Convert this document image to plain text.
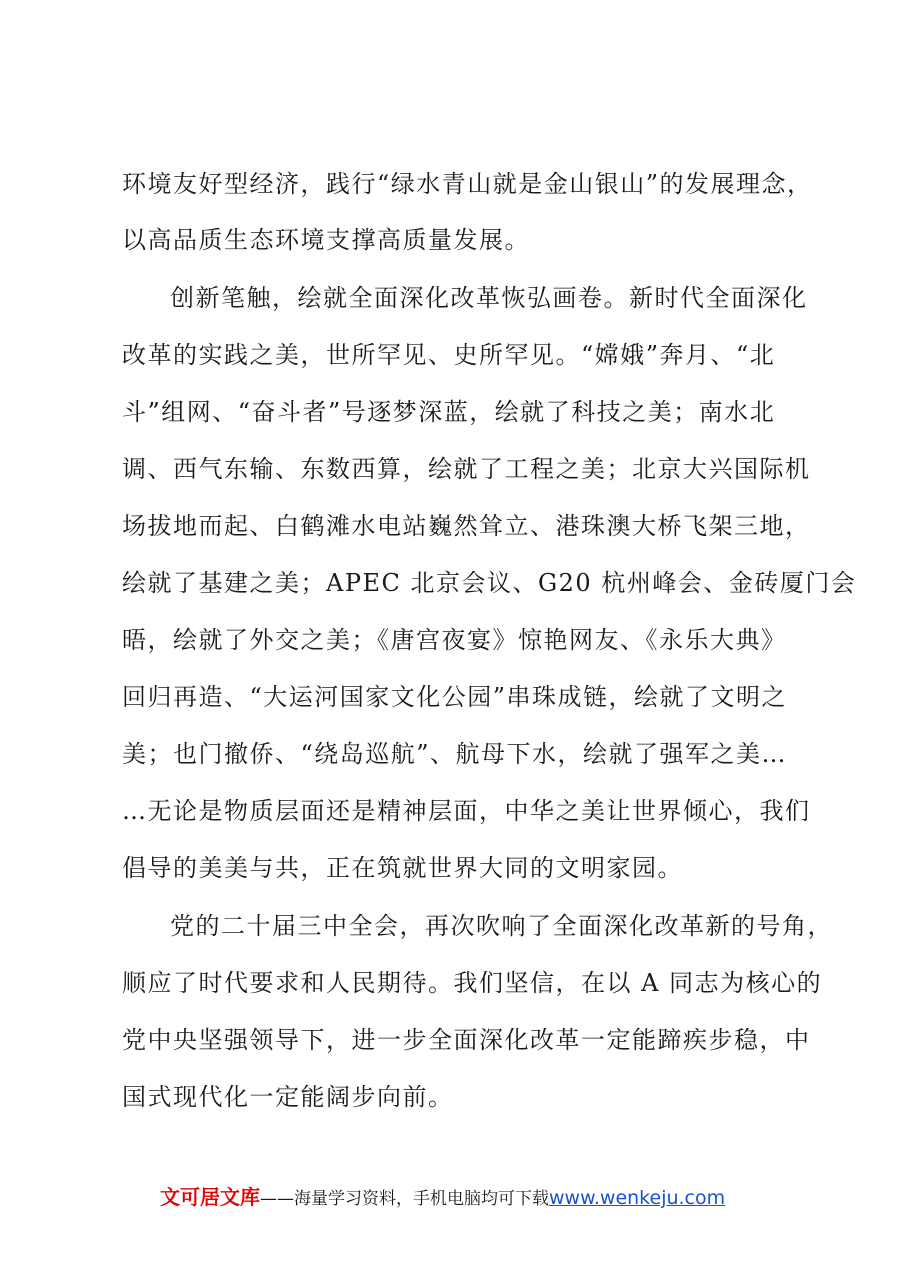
环境友好型经济，践行“绿水青山就是金山银山”的发展理念，
以高品质生态环境支撑高质量发展。
创新笔触，绘就全面深化改革恢弘画卷。新时代全面深化
改革的实践之美，世所罕见、史所罕见。“嫦娥”奔月、“北
斗”组网、“奋斗者”号逐梦深蓝，绘就了科技之美；南水北
调、西气东输、东数西算，绘就了工程之美；北京大兴国际机
场拔地而起、白鹤滩水电站巍然耸立、港珠澳大桥飞架三地，
绘就了基建之美；APEC 北京会议、G20 杭州峰会、金砖厦门会
晤，绘就了外交之美；《唐宫夜宴》惊艳网友、《永乐大典》
回归再造、“大运河国家文化公园”串珠成链，绘就了文明之
美；也门撤侨、“绕岛巡航”、航母下水，绘就了强军之美…
…无论是物质层面还是精神层面，中华之美让世界倾心，我们
倡导的美美与共，正在筑就世界大同的文明家园。
党的二十届三中全会，再次吹响了全面深化改革新的号角，
顺应了时代要求和人民期待。我们坚信，在以 A 同志为核心的
党中央坚强领导下，进一步全面深化改革一定能蹄疾步稳，中
国式现代化一定能阔步向前。
文可居文库——海量学习资料，手机电脑均可下载www.wenkeju.com
